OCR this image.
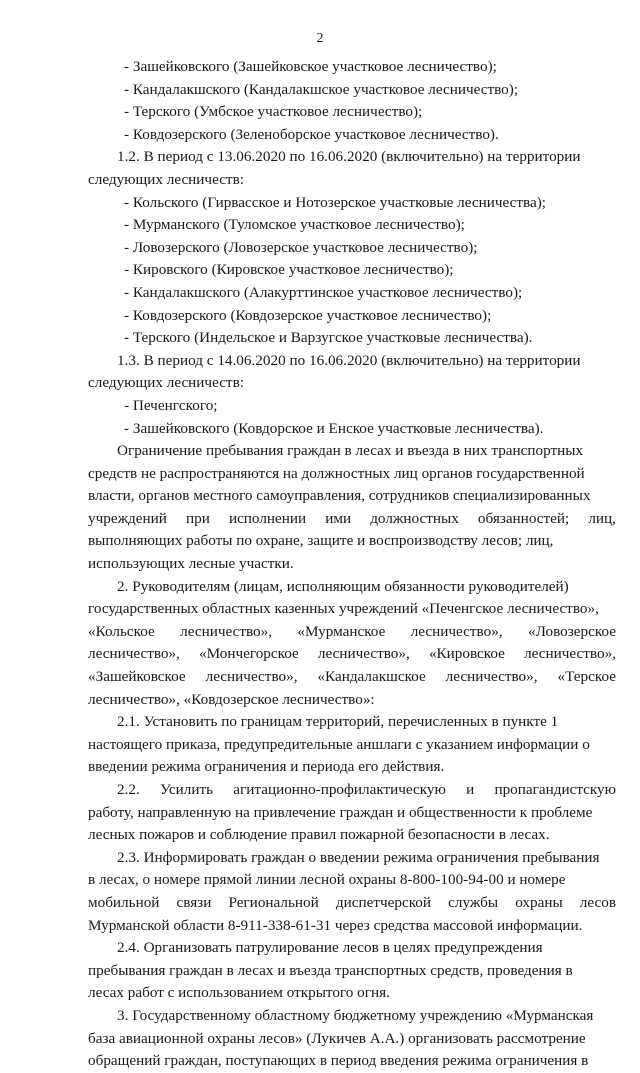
2
- Зашейковского (Зашейковское участковое лесничество);
- Кандалакшского (Кандалакшское участковое лесничество);
- Терского (Умбское участковое лесничество);
- Ковдозерского (Зеленоборское участковое лесничество).
1.2. В период с 13.06.2020 по 16.06.2020 (включительно) на территории
следующих лесничеств:
- Кольского (Гирвасское и Нотозерское участковые лесничества);
- Мурманского (Туломское участковое лесничество);
- Ловозерского (Ловозерское участковое лесничество);
- Кировского (Кировское участковое лесничество);
- Кандалакшского (Алакурттинское участковое лесничество);
- Ковдозерского (Ковдозерское участковое лесничество);
- Терского (Индельское и Варзугское участковые лесничества).
1.3. В период с 14.06.2020 по 16.06.2020 (включительно) на территории
следующих лесничеств:
- Печенгского;
- Зашейковского (Ковдорское и Енское участковые лесничества).
Ограничение пребывания граждан в лесах и въезда в них транспортных
средств не распространяются на должностных лиц органов государственной
власти, органов местного самоуправления, сотрудников специализированных
учреждений при исполнении ими должностных обязанностей; лиц,
выполняющих работы по охране, защите и воспроизводству лесов; лиц,
использующих лесные участки.
2. Руководителям (лицам, исполняющим обязанности руководителей)
государственных областных казенных учреждений «Печенгское лесничество»,
«Кольское лесничество», «Мурманское лесничество», «Ловозерское
лесничество», «Мончегорское лесничество», «Кировское лесничество»,
«Зашейковское лесничество», «Кандалакшское лесничество», «Терское
лесничество», «Ковдозерское лесничество»:
2.1. Установить по границам территорий, перечисленных в пункте 1
настоящего приказа, предупредительные аншлаги с указанием информации о
введении режима ограничения и периода его действия.
2.2. Усилить агитационно-профилактическую и пропагандистскую
работу, направленную на привлечение граждан и общественности к проблеме
лесных пожаров и соблюдение правил пожарной безопасности в лесах.
2.3. Информировать граждан о введении режима ограничения пребывания
в лесах, о номере прямой линии лесной охраны 8-800-100-94-00 и номере
мобильной связи Региональной диспетчерской службы охраны лесов
Мурманской области 8-911-338-61-31 через средства массовой информации.
2.4. Организовать патрулирование лесов в целях предупреждения
пребывания граждан в лесах и въезда транспортных средств, проведения в
лесах работ с использованием открытого огня.
3. Государственному областному бюджетному учреждению «Мурманская
база авиационной охраны лесов» (Лукичев А.А.) организовать рассмотрение
обращений граждан, поступающих в период введения режима ограничения в
